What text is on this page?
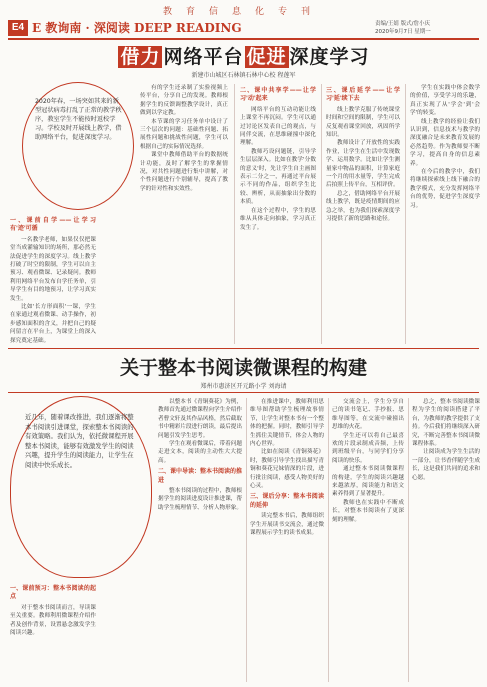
教育信息化专刊
E4 E 教询南 · 深阅读 DEEP READING	责编/王婧 版式/詹小庆
2020年9月7日 星期一
借力 网络平台 促进 深度学习
新建市山城区石林镇石林中心校 程莲军
2020年春，一场突如其来的新型冠状病毒打乱了正常的教学秩序，教室学生不能按时返校学习。学校及时开展线上教学，借助网络平台，促进深度学习。
一、课前自学——让学习有'迹'可循
一名教学老师，如果仅仅把课堂当成灌输知识的场所，那必然无法促进学生的深度学习。线上教学打破了时空的限制，学生可以自主预习、观看微课、记录疑问。教师利用网络平台发布自学任务单，引导学生有目的地预习，让学习真实发生。
比如'长方形面积'一课，学生在家通过观看微课、动手操作，初步感知面积的含义，并把自己的疑问留言在平台上，为课堂上的深入探究奠定基础。
有的学生还录制了实验视频上传平台，分享自己的发现。教师根据学生的反馈调整教学设计，真正做到以学定教。
本节课的学习任务单中设计了三个层次的问题：基础性问题、拓展性问题和挑战性问题，学生可以根据自己的实际情况选择。
课堂中教师借助平台的数据统计功能，及时了解学生的掌握情况，对共性问题进行集中讲解，对个性问题进行个别辅导，提高了教学的针对性和实效性。
二、课中共享学——让学习'动'起来
网络平台的互动功能让线上课堂不再沉闷。学生可以通过讨论区发表自己的观点，与同伴交流，在思维碰撞中深化理解。
教师巧设问题链，引导学生层层深入。比如在教学'分数的意义'时，先让学生自主画图表示二分之一，再通过平台展示不同的作品，组织学生比较、辨析，从而抽象出分数的本质。
在这个过程中，学生的思维从具体走向抽象，学习真正发生了。
三、课后延学——让学习'延'续下去
线上教学克服了传统课堂时间和空间的限制，学生可以反复观看课堂回放，巩固所学知识。
教师设计了开放性的实践作业，让学生在生活中发现数学、运用数学。比如让学生测量家中物品的面积，计算家庭一个月的用水量等，学生完成后拍照上传平台，互相评价。
总之，借助网络平台开展线上教学，既是疫情期间的应急之举，也为我们探索深度学习提供了新的思路和途径。
学生在实践中体会数学的价值，享受学习的乐趣，真正实现了从'学会'到'会学'的转变。
线上教学的经验让我们认识到，信息技术与教学的深度融合是未来教育发展的必然趋势。作为教师要不断学习，提高自身的信息素养。
在今后的教学中，我们将继续探索线上线下融合的教学模式，充分发挥网络平台的优势，促进学生深度学习。
关于整本书阅读微课程的构建
郑州市惠济区开元路小学 刘海请
近几年，随着课改推进，我们逐渐将整本书阅读引进课堂，探索整本书阅读的有效策略。我们认为，依托微课程开展整本书阅读，能够有效激发学生的阅读兴趣，提升学生的阅读能力，让学生在阅读中快乐成长。
一、课前预习：整本书阅读的起点
对于整本书阅读而言，导读课至关重要。教师利用微课程介绍作者及创作背景，设置悬念激发学生阅读兴趣。
以整本书《青铜葵花》为例，教师首先通过微课程向学生介绍作者曹文轩及其作品风格，然后截取书中精彩片段进行朗读，最后提出问题引发学生思考。
学生在观看微课后，带着问题走进文本，阅读的主动性大大提高。
二、课中导读：整本书阅读的推进
整本书阅读的过程中，教师根据学生的阅读进度设计推进课，帮助学生梳理情节、分析人物形象。
在推进课中，教师利用思维导图帮助学生梳理故事情节，让学生对整本书有一个整体的把握。同时，教师引导学生抓住关键情节，体会人物的内心世界。
比如在阅读《青铜葵花》时，教师引导学生找出描写青铜和葵花兄妹情深的片段，进行批注阅读，感受人物美好的心灵。
三、课后分享：整本书阅读的延伸
读完整本书后，教师组织学生开展读书交流会，通过微课程展示学生的读书成果。
交流会上，学生分享自己的读书笔记、手抄报、思维导图等，在交流中碰撞出思维的火花。
学生还可以将自己最喜欢的片段录制成音频，上传到班级平台，与同学们分享阅读的快乐。
通过整本书阅读微课程的构建，学生的阅读兴趣越来越浓厚，阅读能力和语文素养得到了显著提升。
教师也在实践中不断成长，对整本书阅读有了更深刻的理解。
总之，整本书阅读微课程为学生的阅读搭建了平台，为教师的教学提供了支持。今后我们将继续深入研究，不断完善整本书阅读微课程体系。
让阅读成为学生生活的一部分，让书香伴随学生成长，这是我们共同的追求和心愿。
